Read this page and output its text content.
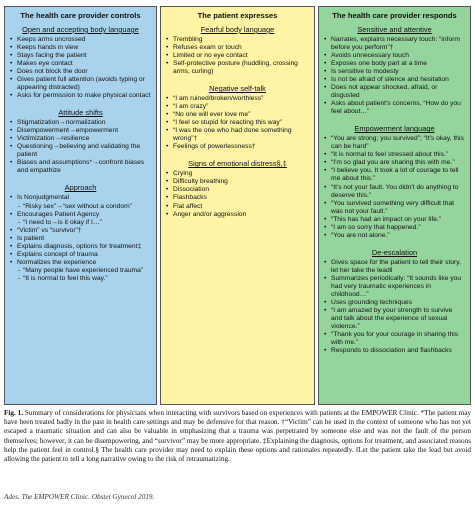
The health care provider controls
Open and accepting body language
• Keeps arms uncrossed
• Keeps hands in view
• Stays facing the patient
• Makes eye contact
• Does not block the door
• Gives patient full attention (avoids typing or appearing distracted)
• Asks for permission to make physical contact
Attitude shifts
• Stigmatization→normalization
• Disempowerment→empowerment
• Victimization→resilience
• Questioning→believing and validating the patient
• Biases and assumptions*→confront biases and empathize
Approach
• Is Nonjudgmental
- “Risky sex”→“sex without a condom”
• Encourages Patient Agency
- “I need to→is it okay if I…”
• “Victim” vs “survivor”†
• Is patient
• Explains diagnosis, options for treatment‡
• Explains concept of trauma
• Normalizes the experience
- “Many people have experienced trauma”
- “It is normal to feel this way.”
The patient expresses
Fearful body language
• Trembling
• Refuses exam or touch
• Limited or no eye contact
• Self-protective posture (huddling, crossing arms, curling)
Negative self-talk
• “I am ruined/broken/worthless”
• “I am crazy”
• “No one will ever love me”
• “I feel so stupid for reacting this way”
• “I was the one who had done something wrong”†
• Feelings of powerlessness†
Signs of emotional distress§,‡
• Crying
• Difficulty breathing
• Dissociation
• Flashbacks
• Flat affect
• Anger and/or aggression
The health care provider responds
Sensitive and attentive
• Narrates, explains necessary touch: “inform before you perform”†
• Avoids unnecessary touch
• Exposes one body part at a time
• Is sensitive to modesty
• Is not be afraid of silence and hesitation
• Does not appear shocked, afraid, or disgusted
• Asks about patient's concerns, “How do you feel about…”
Empowerment language
• “You are strong; you survived”; “It's okay, this can be hard”
• “It is normal to feel stressed about this.”
• “I'm so glad you are sharing this with me.”
• “I believe you. It took a lot of courage to tell me about this.”
• “It's not your fault. You didn't do anything to deserve this.”
• “You survived something very difficult that was not your fault.”
• “This has had an impact on your life.”
• “I am so sorry that happened.”
• “You are not alone.”
De-escalation
• Gives space for the patient to tell their story, let her take the lead‖
• Summarizes periodically: “It sounds like you had very traumatic experiences in childhood…”
• Uses grounding techniques
• “I am amazed by your strength to survive and talk about the experience of sexual violence.”
• “Thank you for your courage in sharing this with me.”
• Responds to dissociation and flashbacks
Fig. 1. Summary of considerations for physicians when interacting with survivors based on experiences with patients at the EMPOWER Clinic. *The patient may have been treated badly in the past in health care settings and may be defensive for that reason. †“Victim” can be used in the context of someone who has not yet escaped a traumatic situation and can also be valuable in emphasizing that a trauma was perpetrated by someone else and was not the fault of the person themselves; however, it can be disempowering, and “survivor” may be more appropriate. ‡Explaining the diagnosis, options for treatment, and associated reasons help the patient feel in control.§ The health care provider may need to explain these options and rationales repeatedly. ‖Let the patient take the lead but avoid allowing the patient to tell a long narrative owing to the risk of retraumatizing.
Ades. The EMPOWER Clinic. Obstet Gynecol 2019.
